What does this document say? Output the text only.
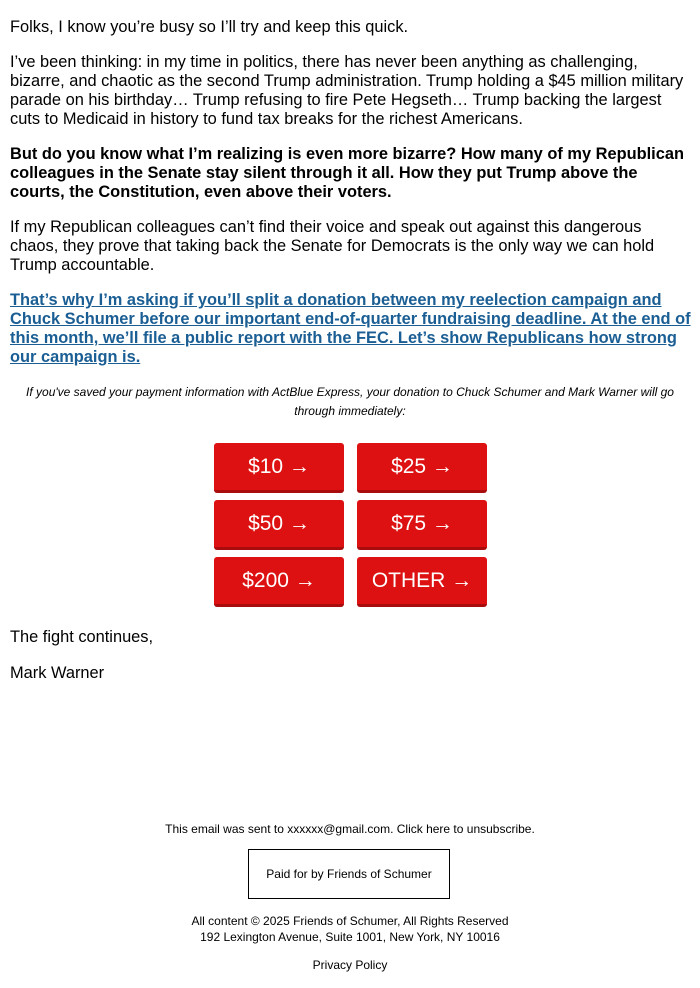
Folks, I know you’re busy so I’ll try and keep this quick.

I’ve been thinking: in my time in politics, there has never been anything as challenging, bizarre, and chaotic as the second Trump administration. Trump holding a $45 million military parade on his birthday… Trump refusing to fire Pete Hegseth… Trump backing the largest cuts to Medicaid in history to fund tax breaks for the richest Americans.

But do you know what I’m realizing is even more bizarre? How many of my Republican colleagues in the Senate stay silent through it all. How they put Trump above the courts, the Constitution, even above their voters.

If my Republican colleagues can’t find their voice and speak out against this dangerous chaos, they prove that taking back the Senate for Democrats is the only way we can hold Trump accountable.

That’s why I’m asking if you’ll split a donation between my reelection campaign and Chuck Schumer before our important end-of-quarter fundraising deadline. At the end of this month, we’ll file a public report with the FEC. Let’s show Republicans how strong our campaign is.

If you've saved your payment information with ActBlue Express, your donation to Chuck Schumer and Mark Warner will go through immediately:

$10 →	$25 →
$50 →	$75 →
$200 →	OTHER →

The fight continues,

Mark Warner

This email was sent to xxxxxx@gmail.com. Click here to unsubscribe.

Paid for by Friends of Schumer

All content © 2025 Friends of Schumer, All Rights Reserved

192 Lexington Avenue, Suite 1001, New York, NY 10016

Privacy Policy
